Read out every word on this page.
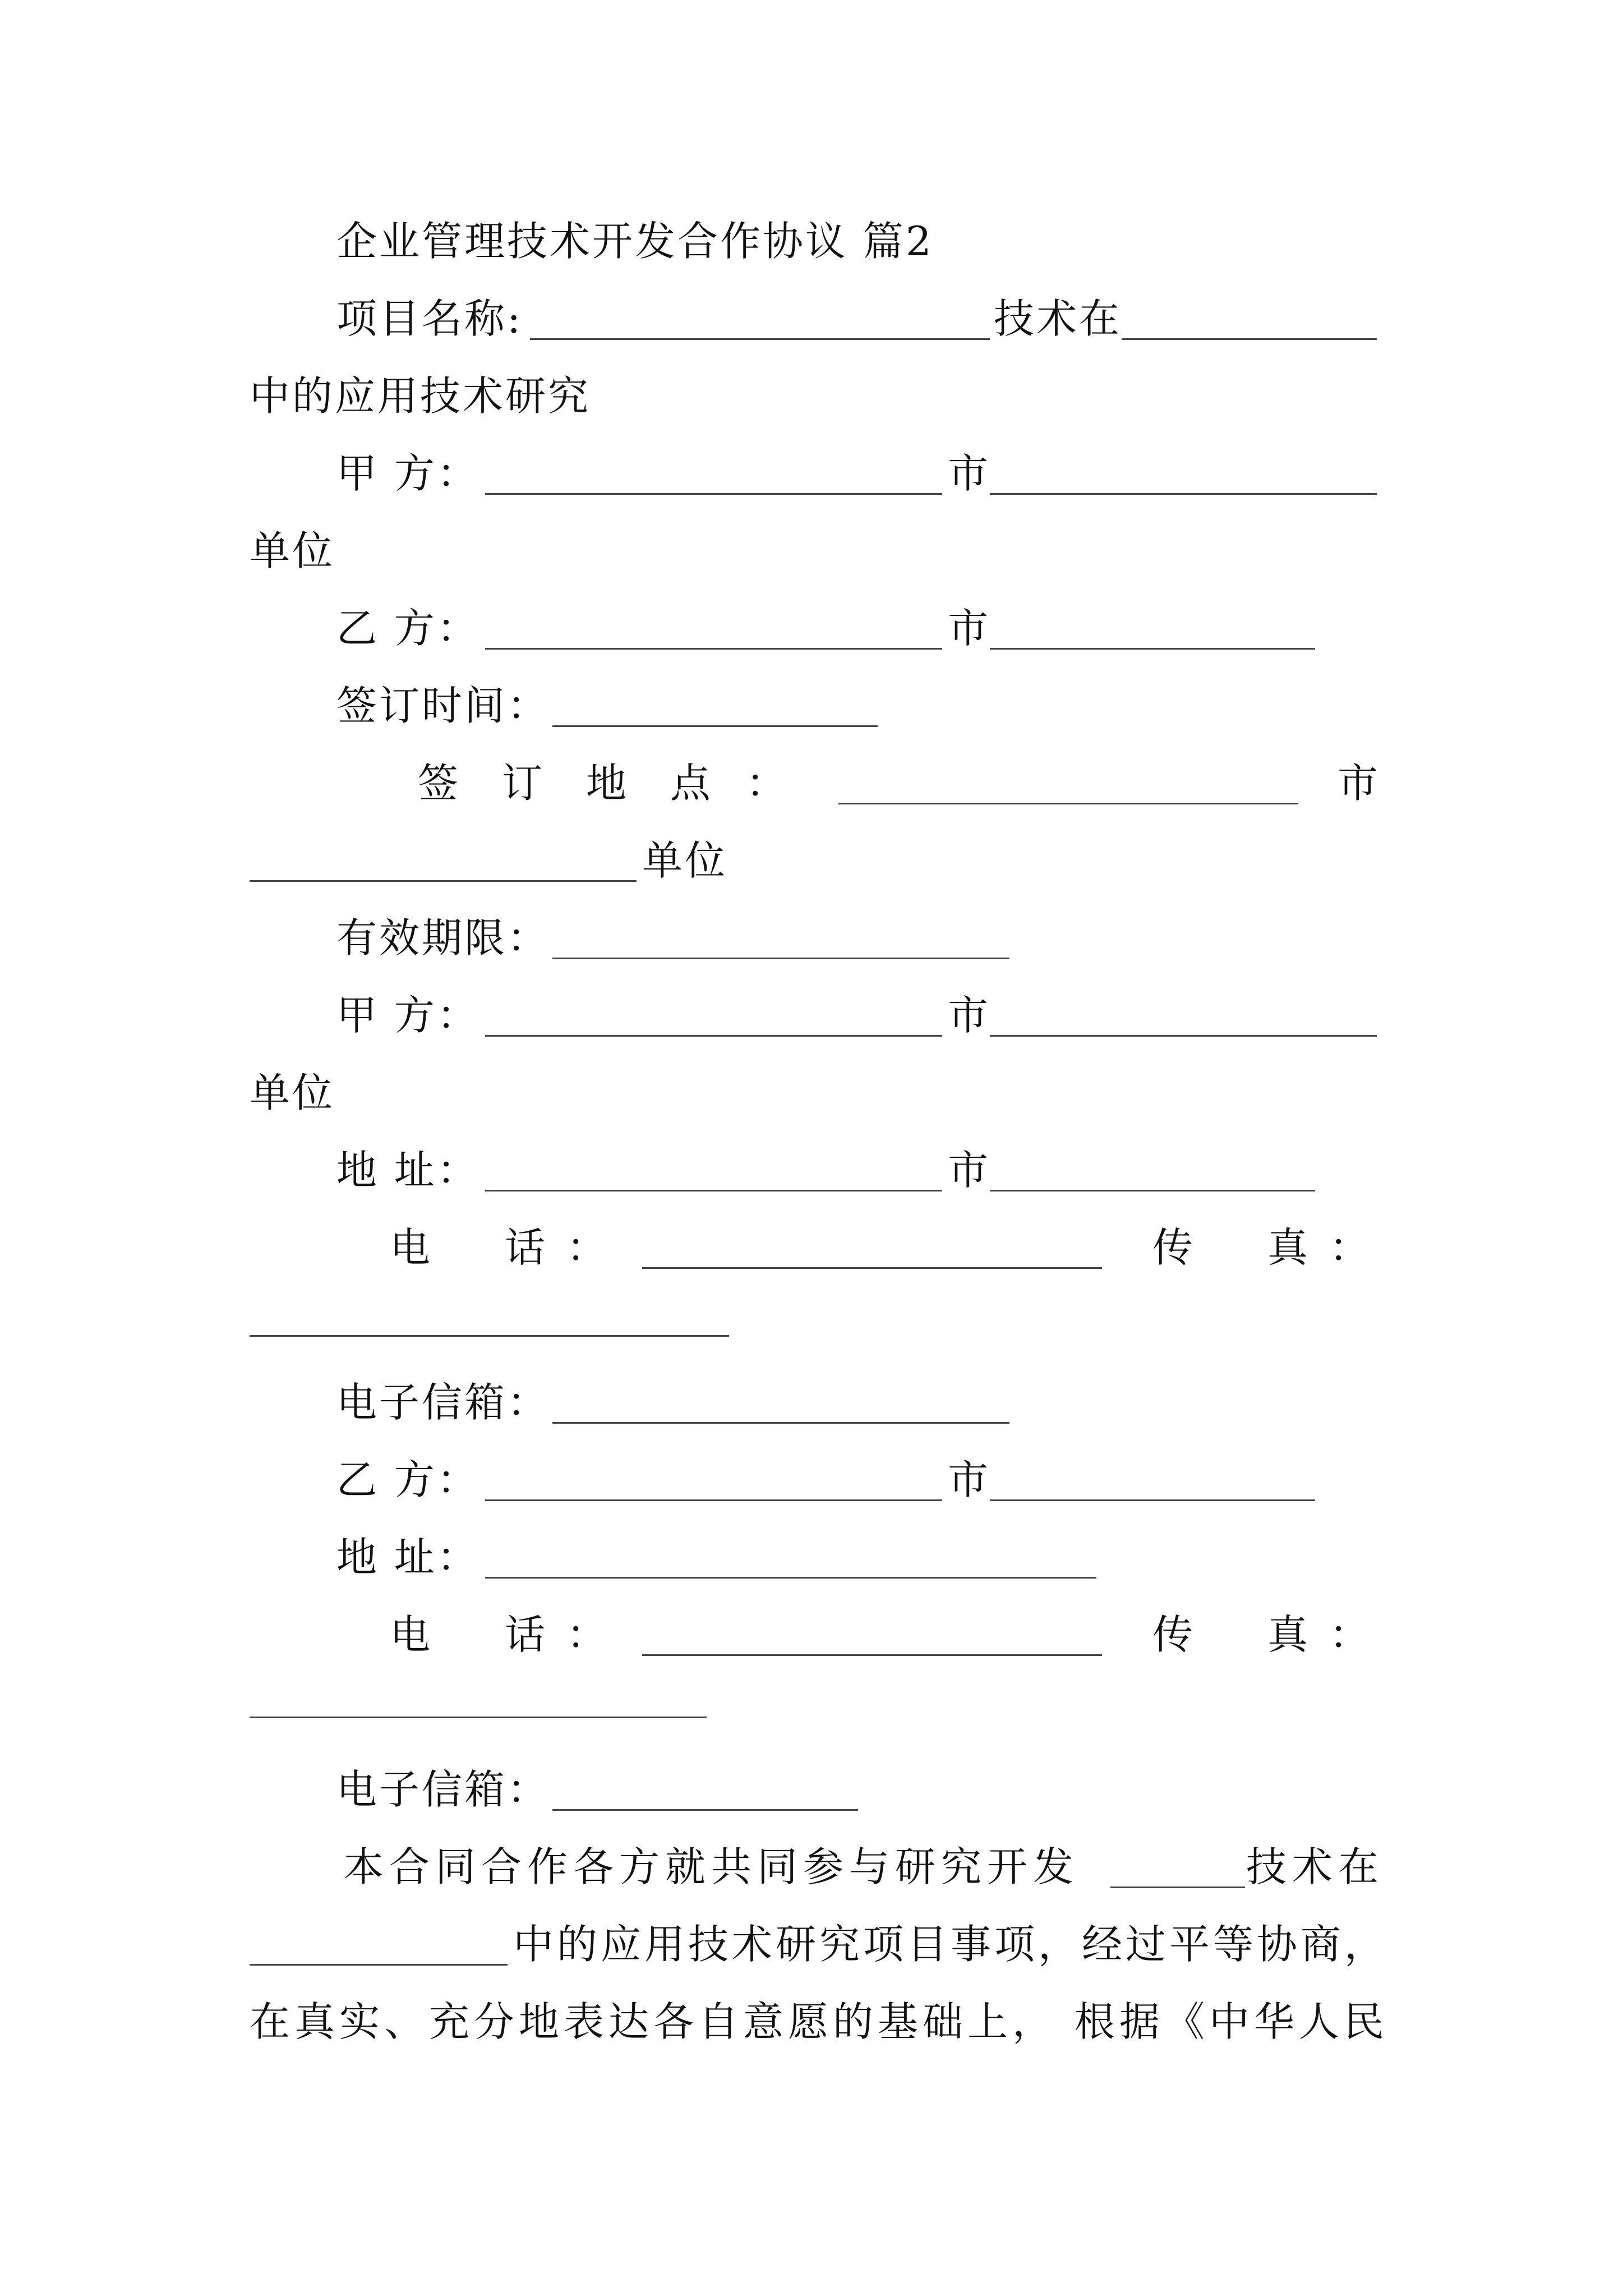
企业管理技术开发合作协议 篇2
项目名称:	技术在
中的应用技术研究
甲 方：	市
单位
乙 方：	市
签订时间：
签 订 地 点 ：	市
单位
有效期限：
甲 方：	市
单位
地 址：	市
电 话 ：	传 真 ：
电子信箱：
乙 方：	市
地 址：
电 话 ：	传 真 ：
电子信箱：
本合同合作各方就共同参与研究开发	技术在
中的应用技术研究项目事项，经过平等协商，
在真实、充分地表达各自意愿的基础上， 根据《中华人民
